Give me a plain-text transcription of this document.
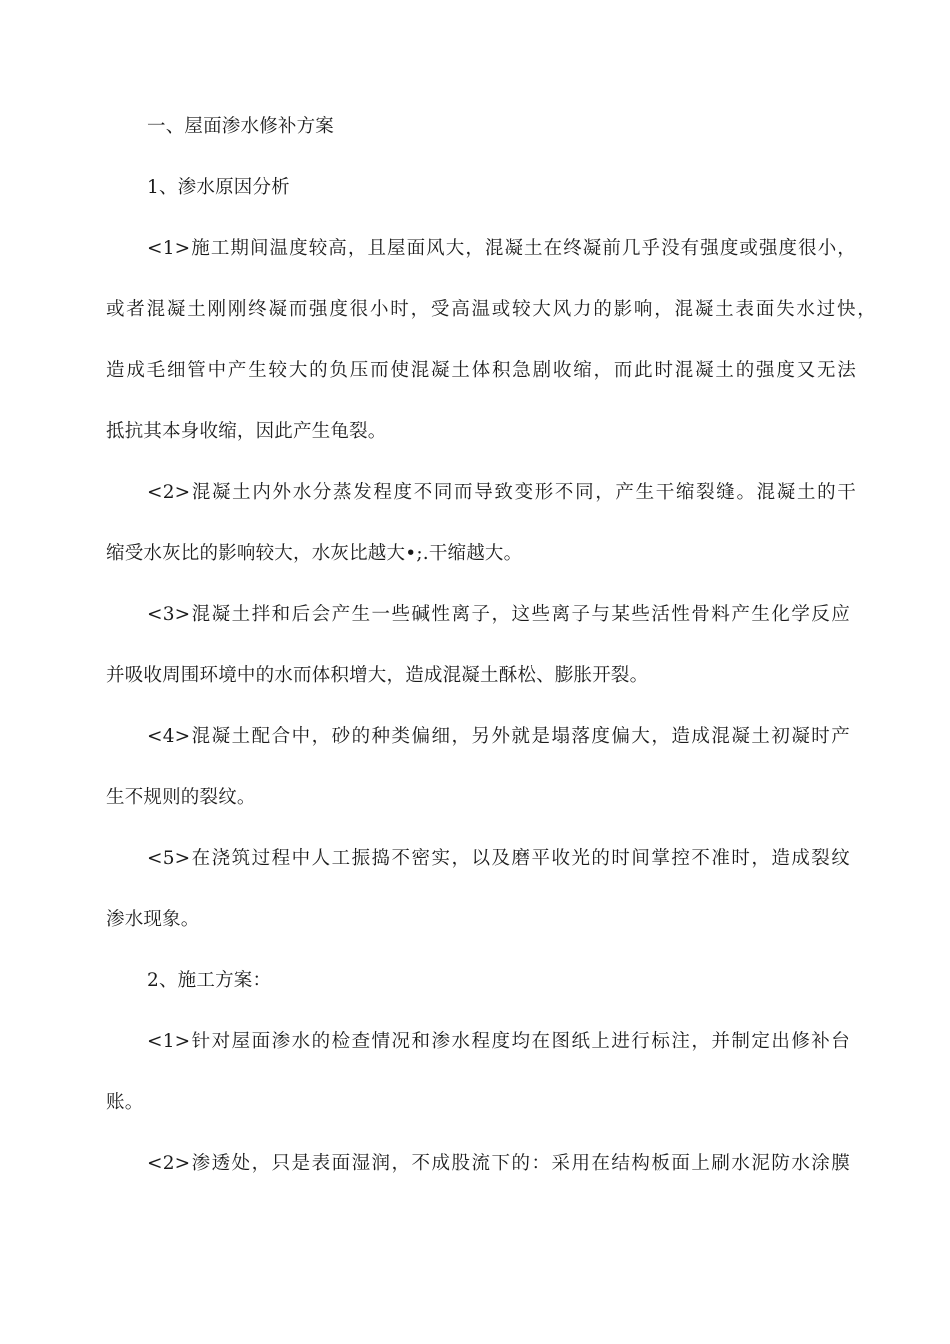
一、屋面渗水修补方案

1、渗水原因分析

<1>施工期间温度较高，且屋面风大，混凝土在终凝前几乎没有强度或强度很小，

或者混凝土刚刚终凝而强度很小时，受高温或较大风力的影响，混凝土表面失水过快，

造成毛细管中产生较大的负压而使混凝土体积急剧收缩，而此时混凝土的强度又无法

抵抗其本身收缩，因此产生龟裂。

<2>混凝土内外水分蒸发程度不同而导致变形不同，产生干缩裂缝。混凝土的干

缩受水灰比的影响较大，水灰比越大•;.干缩越大。

<3>混凝土拌和后会产生一些碱性离子，这些离子与某些活性骨料产生化学反应

并吸收周围环境中的水而体积增大，造成混凝土酥松、膨胀开裂。

<4>混凝土配合中，砂的种类偏细，另外就是塌落度偏大，造成混凝土初凝时产

生不规则的裂纹。

<5>在浇筑过程中人工振捣不密实，以及磨平收光的时间掌控不准时，造成裂纹

渗水现象。

2、施工方案：

<1>针对屋面渗水的检查情况和渗水程度均在图纸上进行标注，并制定出修补台

账。

<2>渗透处，只是表面湿润，不成股流下的：采用在结构板面上刷水泥防水涂膜
